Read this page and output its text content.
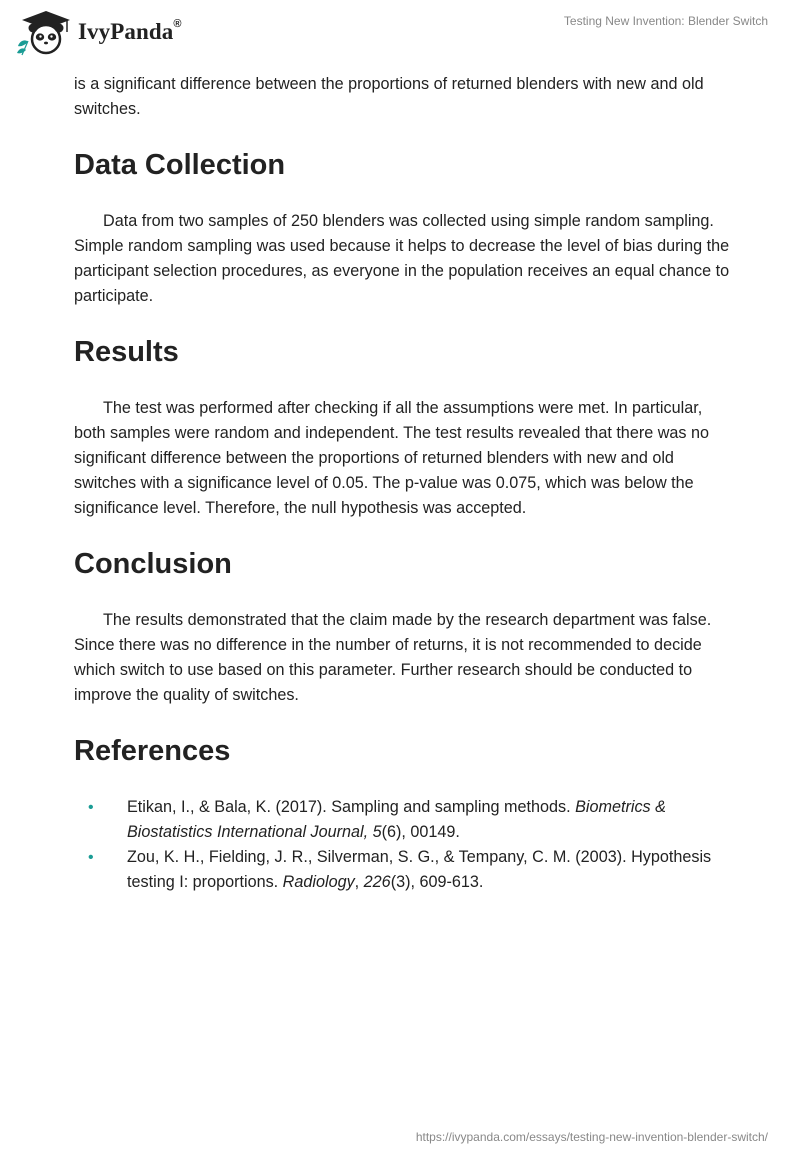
IvyPanda®	Testing New Invention: Blender Switch

is a significant difference between the proportions of returned blenders with new and old switches.

Data Collection

Data from two samples of 250 blenders was collected using simple random sampling. Simple random sampling was used because it helps to decrease the level of bias during the participant selection procedures, as everyone in the population receives an equal chance to participate.

Results

The test was performed after checking if all the assumptions were met. In particular, both samples were random and independent. The test results revealed that there was no significant difference between the proportions of returned blenders with new and old switches with a significance level of 0.05. The p-value was 0.075, which was below the significance level. Therefore, the null hypothesis was accepted.

Conclusion

The results demonstrated that the claim made by the research department was false. Since there was no difference in the number of returns, it is not recommended to decide which switch to use based on this parameter. Further research should be conducted to improve the quality of switches.

References
• Etikan, I., & Bala, K. (2017). Sampling and sampling methods. Biometrics & Biostatistics International Journal, 5(6), 00149.
• Zou, K. H., Fielding, J. R., Silverman, S. G., & Tempany, C. M. (2003). Hypothesis testing I: proportions. Radiology, 226(3), 609-613.
https://ivypanda.com/essays/testing-new-invention-blender-switch/
